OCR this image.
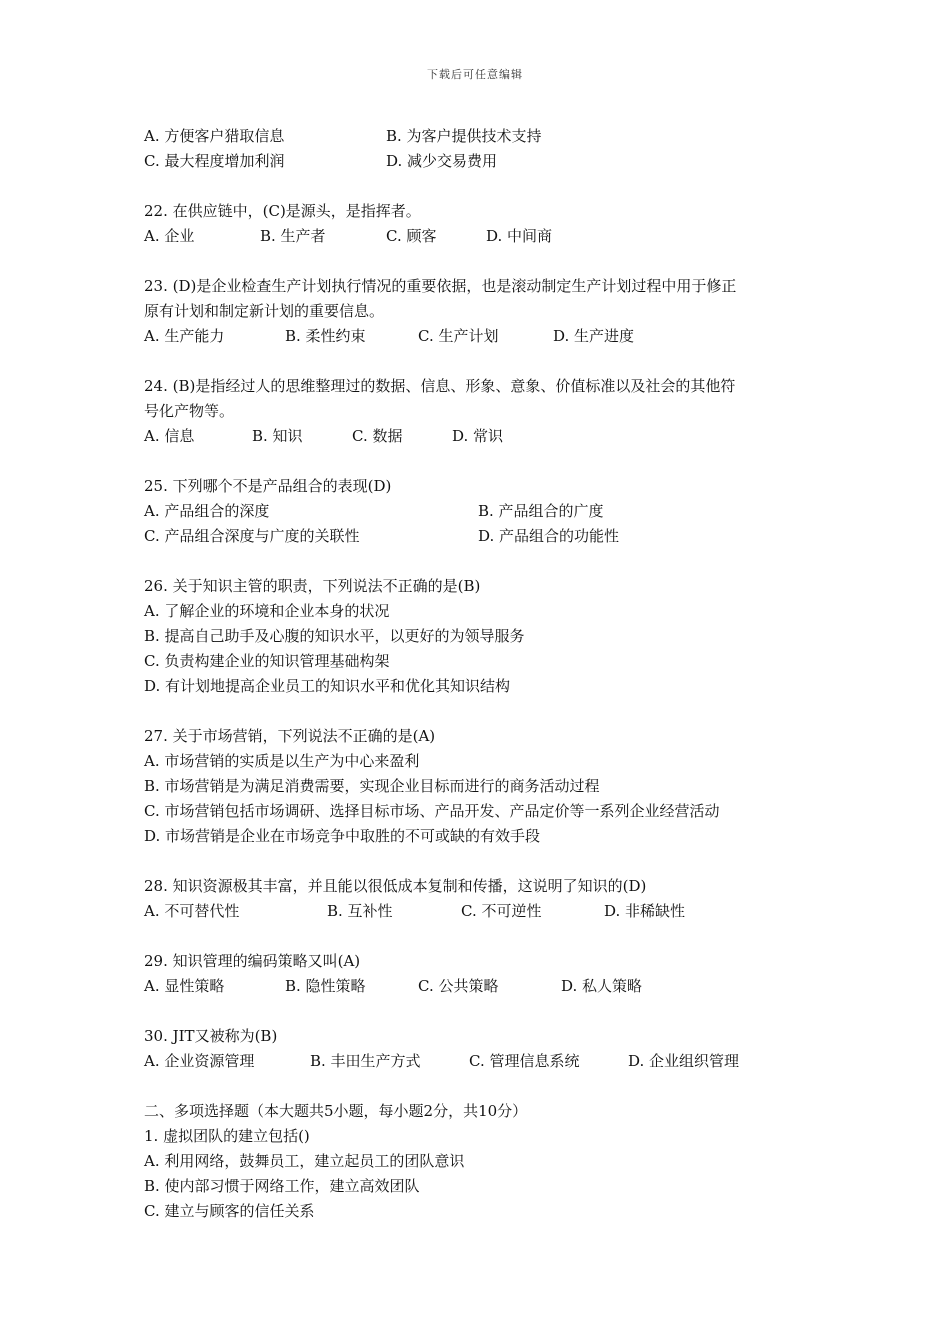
下载后可任意编辑
A. 方便客户猎取信息	B. 为客户提供技术支持
C. 最大程度增加利润	D. 减少交易费用
22. 在供应链中，(C)是源头，是指挥者。
A. 企业	B. 生产者	C. 顾客	D. 中间商
23. (D)是企业检查生产计划执行情况的重要依据，也是滚动制定生产计划过程中用于修正
原有计划和制定新计划的重要信息。
A. 生产能力	B. 柔性约束	C. 生产计划	D. 生产进度
24. (B)是指经过人的思维整理过的数据、信息、形象、意象、价值标准以及社会的其他符
号化产物等。
A. 信息	B. 知识	C. 数据	D. 常识
25. 下列哪个不是产品组合的表现(D)
A. 产品组合的深度	B. 产品组合的广度
C. 产品组合深度与广度的关联性	D. 产品组合的功能性
26. 关于知识主管的职责，下列说法不正确的是(B)
A. 了解企业的环境和企业本身的状况
B. 提高自己助手及心腹的知识水平，以更好的为领导服务
C. 负责构建企业的知识管理基础构架
D. 有计划地提高企业员工的知识水平和优化其知识结构
27. 关于市场营销，下列说法不正确的是(A)
A. 市场营销的实质是以生产为中心来盈利
B. 市场营销是为满足消费需要，实现企业目标而进行的商务活动过程
C. 市场营销包括市场调研、选择目标市场、产品开发、产品定价等一系列企业经营活动
D. 市场营销是企业在市场竞争中取胜的不可或缺的有效手段
28. 知识资源极其丰富，并且能以很低成本复制和传播，这说明了知识的(D)
A. 不可替代性	B. 互补性	C. 不可逆性	D. 非稀缺性
29. 知识管理的编码策略又叫(A)
A. 显性策略	B. 隐性策略	C. 公共策略	D. 私人策略
30. JIT又被称为(B)
A. 企业资源管理	B. 丰田生产方式	C. 管理信息系统	D. 企业组织管理
二、多项选择题（本大题共5小题，每小题2分，共10分）
1. 虚拟团队的建立包括()
A. 利用网络，鼓舞员工，建立起员工的团队意识
B. 使内部习惯于网络工作，建立高效团队
C. 建立与顾客的信任关系
